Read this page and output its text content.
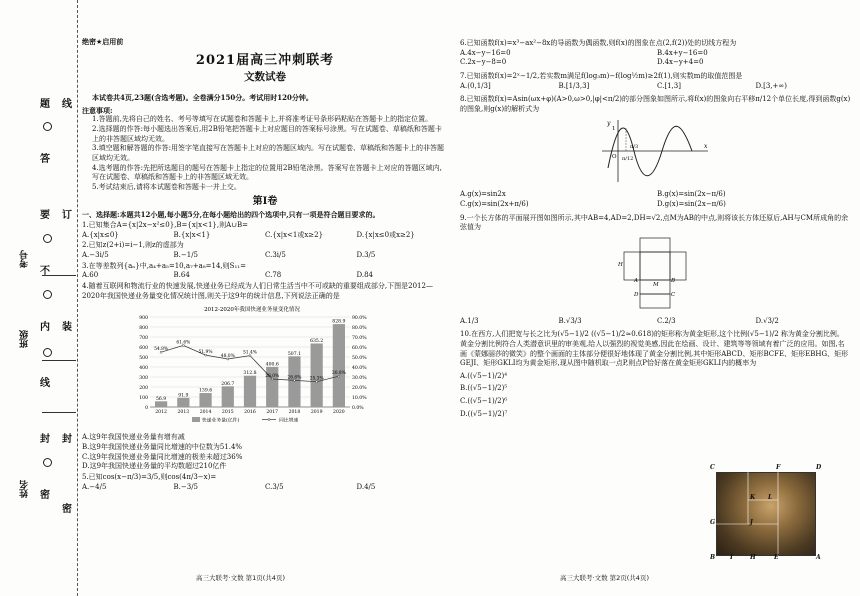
姓名
班级
考号
题
答
要
不
内
线
封
密
线
订
装
封
密
绝密★启用前
2021届高三冲刺联考
文数试卷
本试卷共4页,23题(含选考题)。全卷满分150分。考试用时120分钟。
注意事项:
1.答题前,先将自己的姓名、考号等填写在试题卷和答题卡上,并将准考证号条形码粘贴在答题卡上的指定位置。
2.选择题的作答:每小题选出答案后,用2B铅笔把答题卡上对应题目的答案标号涂黑。写在试题卷、草稿纸和答题卡上的非答题区域均无效。
3.填空题和解答题的作答:用签字笔直接写在答题卡上对应的答题区域内。写在试题卷、草稿纸和答题卡上的非答题区域均无效。
4.选考题的作答:先把所选题目的题号在答题卡上指定的位置用2B铅笔涂黑。答案写在答题卡上对应的答题区域内,写在试题卷、草稿纸和答题卡上的非答题区域无效。
5.考试结束后,请将本试题卷和答题卡一并上交。
第Ⅰ卷
一、选择题:本题共12小题,每小题5分,在每小题给出的四个选项中,只有一项是符合题目要求的。
1.已知集合A={x|2x−x²≤0},B={x|x<1},则A∪B=
A.{x|x≤0}	B.{x|x<1}	C.{x|x<1或x≥2}	D.{x|x≤0或x≥2}
2.已知z(2+i)=i−1,则z的虚部为
A.−3i/5	B.−1/5	C.3i/5	D.3/5
3.在等差数列{aₙ}中,a₄+a₅=10,a₇+a₈=14,则S₁₁=
A.60	B.64	C.78	D.84
4.随着互联网和物流行业的快速发展,快递业务已经成为人们日常生活当中不可或缺的重要组成部分,下图是2012—2020年我国快递业务量变化情况统计图,则关于这9年的统计信息,下列说法正确的是
2012-2020年我国快递业务量变化情况
0
100
200
300
400
500
600
700
800
900
0.0%
10.0%
20.0%
30.0%
40.0%
50.0%
60.0%
70.0%
80.0%
90.0%
56.9
2012
91.9
2013
139.6
2014
206.7
2015
312.8
2016
400.6
2017
507.1
2018
635.2
2019
828.9
2020
54.8%
61.6%
51.9%
48.0%
51.4%
28.0% 26.6% 25.3%
30.8%
快递业务量(亿件)	同比增速
A.这9年我国快递业务量有增有减
B.这9年我国快递业务量同比增速的中位数为51.4%
C.这9年我国快递业务量同比增速的极差未超过36%
D.这9年我国快递业务量的平均数超过210亿件
5.已知cos(x−π/3)=3/5,则cos(4π/3−x)=
A.−4/5	B.−3/5	C.3/5	D.4/5
6.已知函数f(x)=x³−ax²−8x的导函数为偶函数,则f(x)的图象在点(2,f(2))处的切线方程为
A.4x−y−16=0	B.4x+y−16=0
C.2x−y−8=0	D.4x−y+4=0
7.已知函数f(x)=2ˣ−1/2,若实数m满足f(log₃m)−f(log½m)≥2f(1),则实数m的取值范围是
A.(0,1/3]	B.[1/3,3]	C.[1,3]	D.[3,+∞)
8.已知函数f(x)=Asin(ωx+φ)(A>0,ω>0,|φ|<π/2)的部分图象如图所示,将f(x)的图象向右平移π/12个单位长度,得到函数g(x)的图象,则g(x)的解析式为
y
x
O
1
π/12
π/3
A.g(x)=sin2x	B.g(x)=sin(2x−π/6)
C.g(x)=sin(2x+π/6)	D.g(x)=sin(2x−π/6)
9.一个长方体的平面展开图如图所示,其中AB=4,AD=2,DH=√2,点M为AB的中点,则将该长方体还原后,AH与CM所成角的余弦值为
A	B
C
D
H
M
A.1/3	B.√3/3	C.2/3	D.√3/2
10.在西方,人们把宽与长之比为(√5−1)/2 ((√5−1)/2≈0.618)的矩形称为黄金矩形,这个比例(√5−1)/2 称为黄金分割比例。黄金分割比例符合人类潜意识里的审美观,给人以强烈的视觉美感,因此在绘画、设计、建筑等等领域有着广泛的应用。如图,名画《蒙娜丽莎的微笑》的整个画面的主体部分便很好地体现了黄金分割比例,其中矩形ABCD、矩形BCFE、矩形EBHG、矩形GEJI、矩形GKLI均为黄金矩形,现从图中随机取一点P,则点P恰好落在黄金矩形GKLI内的概率为
A.((√5−1)/2)⁴
B.((√5−1)/2)⁵
C.((√5−1)/2)⁶
D.((√5−1)/2)⁷
C	F	D
L
K
G	J
B	E	A
I	H
高三大联考·文数 第1页(共4页)	高三大联考·文数 第2页(共4页)
